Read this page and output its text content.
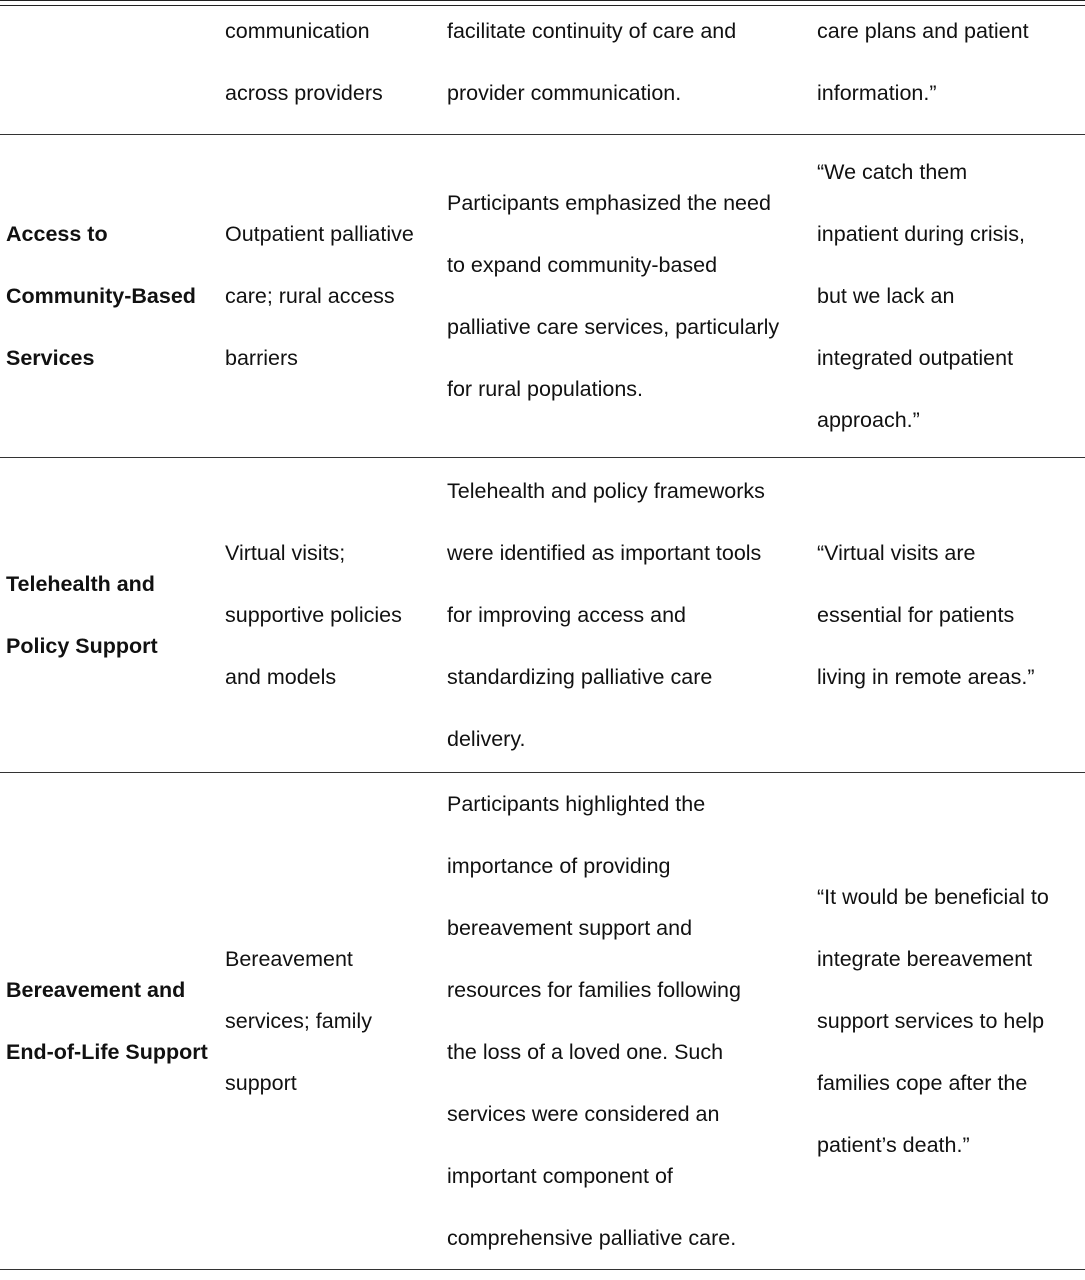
communication
across providers
facilitate continuity of care and
provider communication.
care plans and patient
information.”
Access to
Community-Based
Services
Outpatient palliative
care; rural access
barriers
Participants emphasized the need
to expand community-based
palliative care services, particularly
for rural populations.
“We catch them
inpatient during crisis,
but we lack an
integrated outpatient
approach.”
Telehealth and
Policy Support
Virtual visits;
supportive policies
and models
Telehealth and policy frameworks
were identified as important tools
for improving access and
standardizing palliative care
delivery.
“Virtual visits are
essential for patients
living in remote areas.”
Bereavement and
End-of-Life Support
Bereavement
services; family
support
Participants highlighted the
importance of providing
bereavement support and
resources for families following
the loss of a loved one. Such
services were considered an
important component of
comprehensive palliative care.
“It would be beneficial to
integrate bereavement
support services to help
families cope after the
patient’s death.”
